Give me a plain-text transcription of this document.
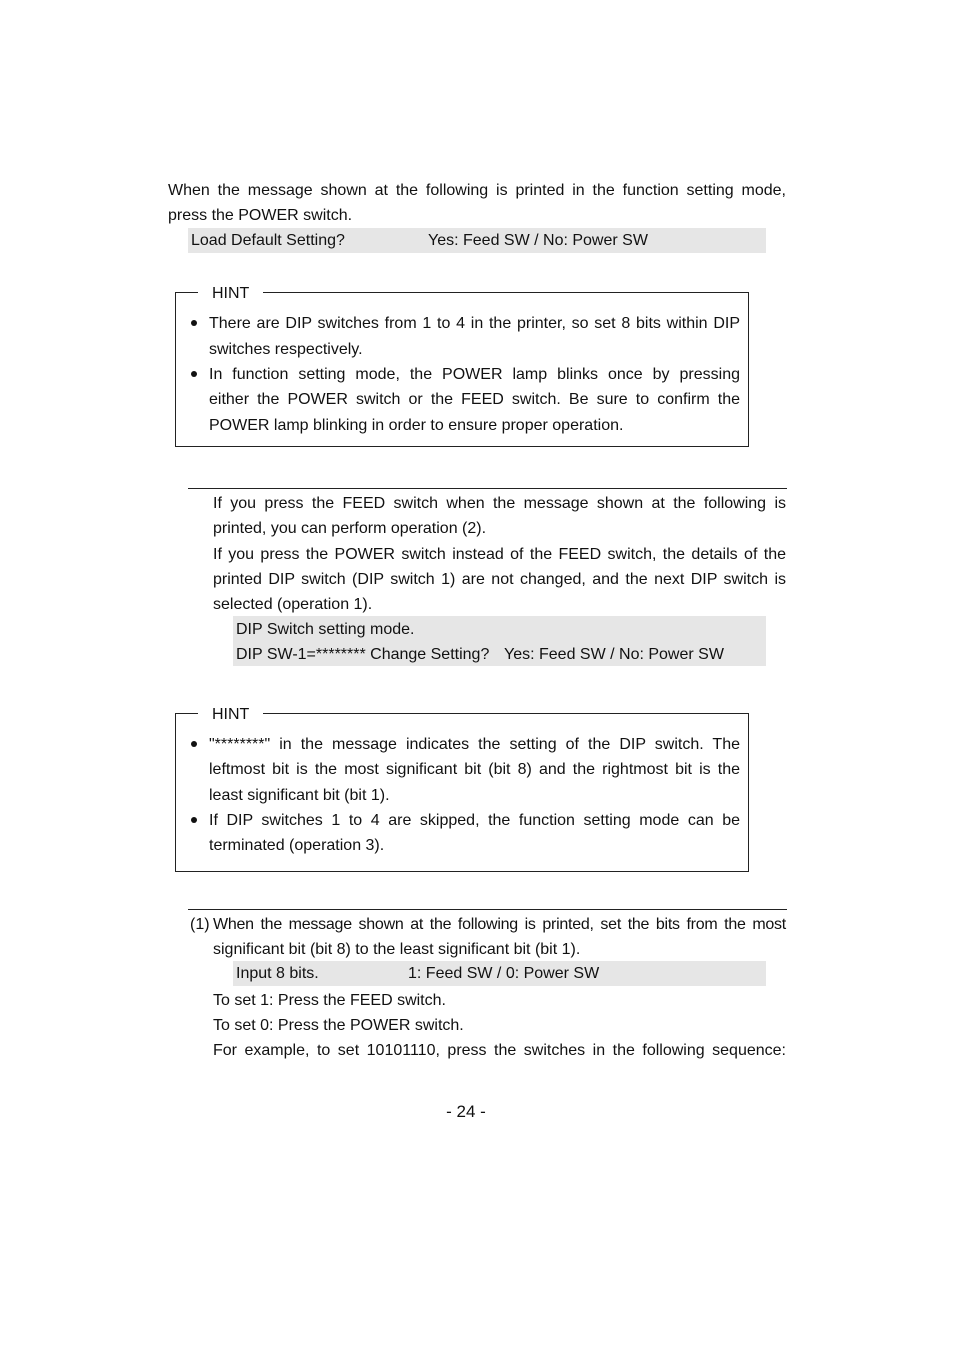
When the message shown at the following is printed in the function setting mode,
press the POWER switch.
Load Default Setting?	Yes: Feed SW / No: Power SW
HINT
There are DIP switches from 1 to 4 in the printer, so set 8 bits within DIP
switches respectively.
In function setting mode, the POWER lamp blinks once by pressing
either the POWER switch or the FEED switch. Be sure to confirm the
POWER lamp blinking in order to ensure proper operation.
If you press the FEED switch when the message shown at the following is
printed, you can perform operation (2).
If you press the POWER switch instead of the FEED switch, the details of the
printed DIP switch (DIP switch 1) are not changed, and the next DIP switch is
selected (operation 1).
DIP Switch setting mode.
DIP SW-1=******** Change Setting? Yes: Feed SW / No: Power SW
HINT
"********" in the message indicates the setting of the DIP switch. The
leftmost bit is the most significant bit (bit 8) and the rightmost bit is the
least significant bit (bit 1).
If DIP switches 1 to 4 are skipped, the function setting mode can be
terminated (operation 3).
(1) When the message shown at the following is printed, set the bits from the most
significant bit (bit 8) to the least significant bit (bit 1).
Input 8 bits.	1: Feed SW / 0: Power SW
To set 1: Press the FEED switch.
To set 0: Press the POWER switch.
For example, to set 10101110, press the switches in the following sequence:
- 24 -
